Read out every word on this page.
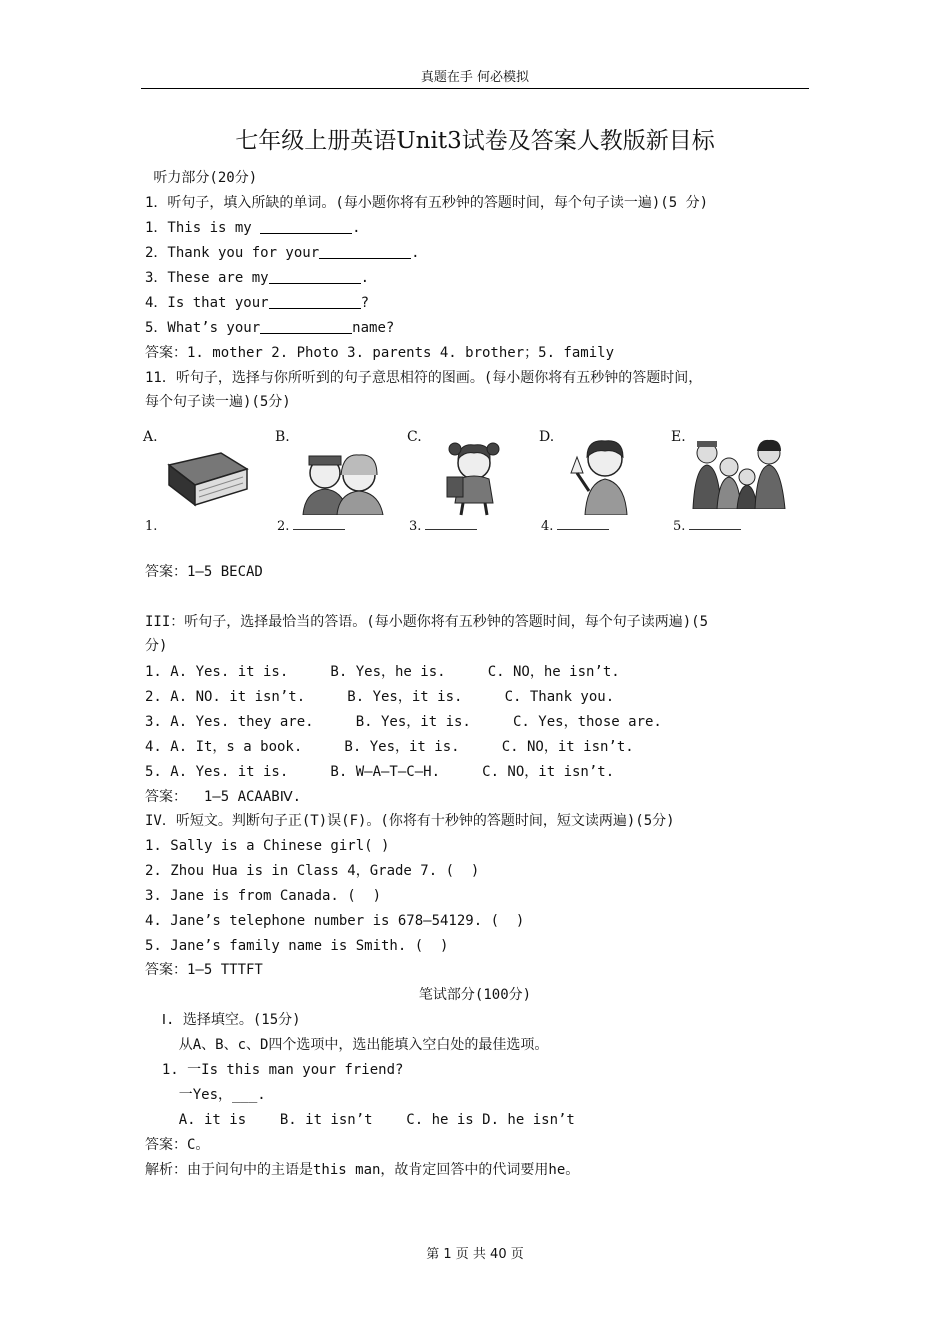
真题在手 何必模拟
七年级上册英语Unit3试卷及答案人教版新目标
听力部分(20分)
1．听句子，填入所缺的单词。(每小题你将有五秒钟的答题时间，每个句子读一遍)(5 分)
1．This is my	.
2．Thank you for your	.
3．These are my	.
4．Is that your	?
5．What’s your	name?
答案：1. mother 2. Photo 3. parents 4. brother；5. family
11．听句子，选择与你所听到的句子意思相符的图画。(每小题你将有五秒钟的答题时间，
每个句子读一遍)(5分)
A.
1.
B.
2.
C.
3.
D.
4.
E.
5.
答案：1—5 BECAD
III：听句子，选择最恰当的答语。(每小题你将有五秒钟的答题时间，每个句子读两遍)(5
分)
1. A. Yes. it is.     B. Yes，he is.     C. NO，he isn’t.
2. A. NO. it isn’t.     B. Yes，it is.     C. Thank you.
3. A. Yes. they are.     B. Yes，it is.     C. Yes，those are.
4. A. It，s a book.     B. Yes，it is.     C. NO，it isn’t.
5. A. Yes. it is.     B. W—A—T—C—H.     C. NO，it isn’t.
答案：  1—5 ACAABⅣ.
IV．听短文。判断句子正(T)误(F)。(你将有十秒钟的答题时间，短文读两遍)(5分)
1. Sally is a Chinese girl( )
2. Zhou Hua is in Class 4，Grade 7. (  )
3. Jane is from Canada. (  )
4. Jane’s telephone number is 678—54129. (  )
5. Jane’s family name is Smith. (  )
答案：1—5 TTTFT
笔试部分(100分)
Ⅰ. 选择填空。(15分)
从A、B、c、D四个选项中，选出能填入空白处的最佳选项。
1. 一Is this man your friend?
一Yes，___.
A. it is    B. it isn’t    C. he is D. he isn’t
答案：C。
解析：由于问句中的主语是this man，故肯定回答中的代词要用he。
第 1 页 共 40 页
